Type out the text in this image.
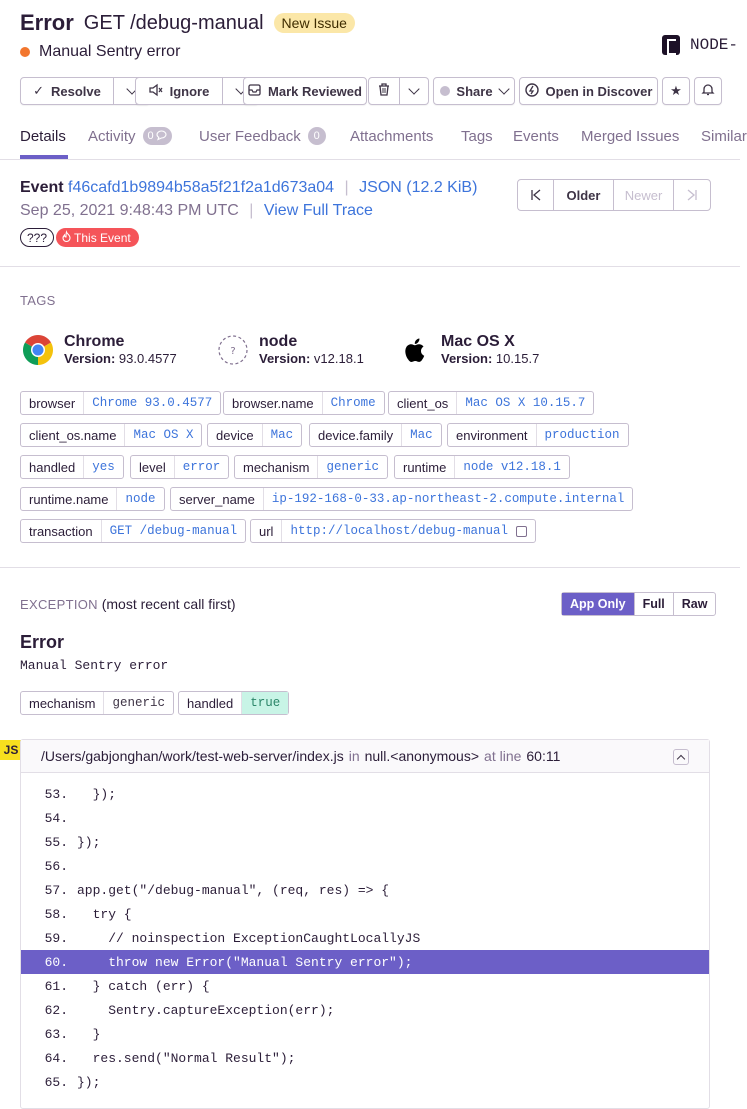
Error GET /debug-manual	New Issue
Manual Sentry error	NODE-
✓ Resolve	Ignore	Mark Reviewed	Share	Open in Discover ★
Details Activity 0	User Feedback	0	Attachments Tags Events Merged Issues Similar
Event f46cafd1b9894b58a5f21f2a1d673a04 | JSON (12.2 KiB)
Sep 25, 2021 9:48:43 PM UTC | View Full Trace
???	This Event
Older	Newer
TAGS
Chrome
Version: 93.0.4577	?
node
Version: v12.18.1
Mac OS X
Version: 10.15.7
browser	Chrome 93.0.4577	browser.name	Chrome	client_os	Mac OS X 10.15.7
client_os.name	Mac OS X	device	Mac	device.family	Mac	environment	production
handled	yes	level	error	mechanism	generic	runtime	node v12.18.1
runtime.name	node	server_name	ip-192-168-0-33.ap-northeast-2.compute.internal
transaction	GET /debug-manual	url	http://localhost/debug-manual
EXCEPTION (most recent call first)	App Only	Full	Raw
Error
Manual Sentry error
mechanism	generic	handled	true
JS /Users/gabjonghan/work/test-web-server/index.js in null.<anonymous> at line 60:11
53. });
54.
55. });
56.
57. app.get("/debug-manual", (req, res) => {
58. try {
59. // noinspection ExceptionCaughtLocallyJS
60. throw new Error("Manual Sentry error");
61. } catch (err) {
62. Sentry.captureException(err);
63. }
64. res.send("Normal Result");
65. });
